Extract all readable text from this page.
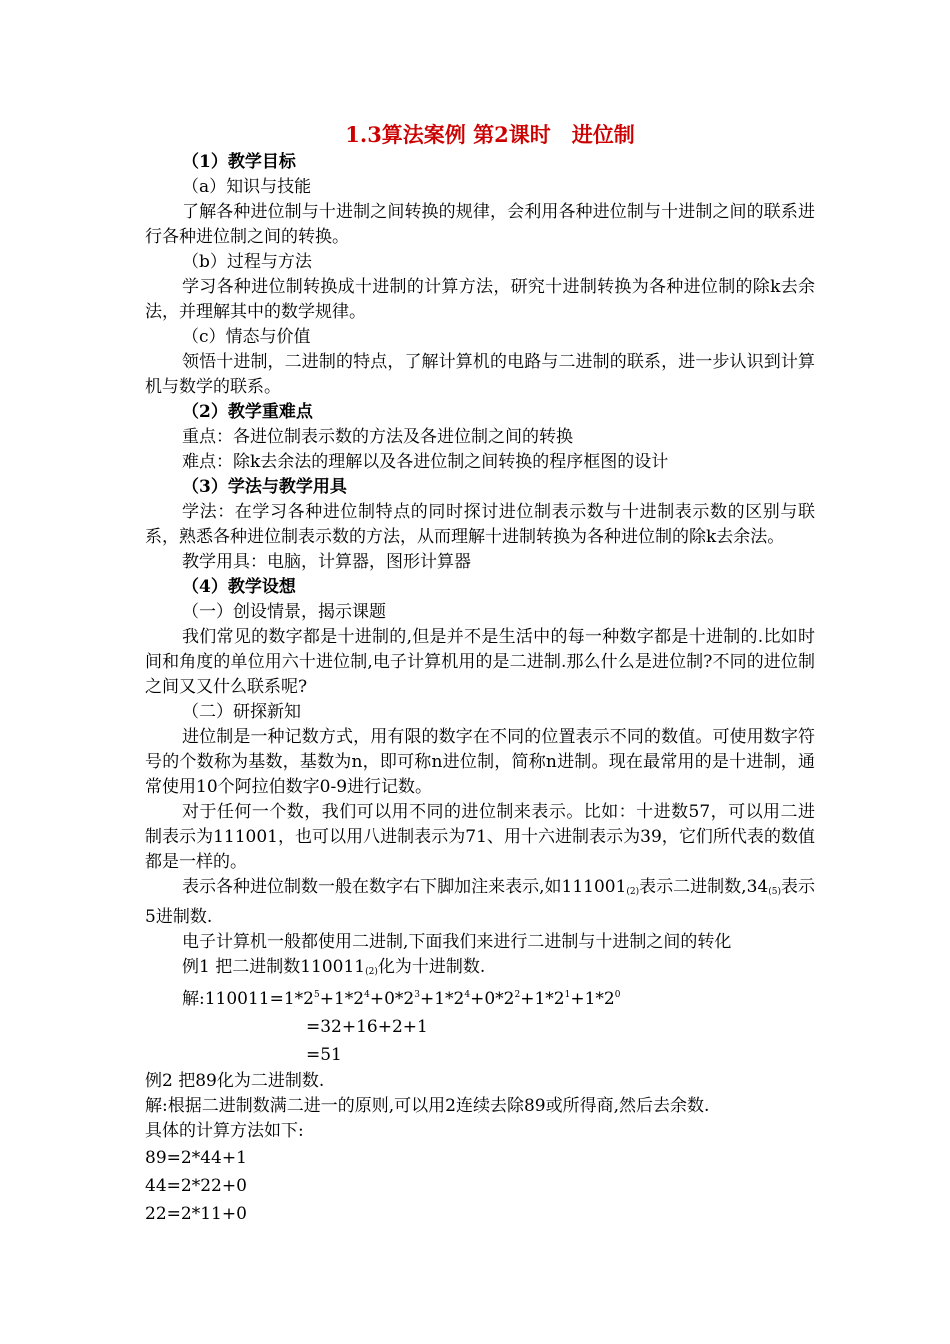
1.3算法案例 第2课时　进位制

（1）教学目标

（a）知识与技能

了解各种进位制与十进制之间转换的规律，会利用各种进位制与十进制之间的联系进行各种进位制之间的转换。

（b）过程与方法

学习各种进位制转换成十进制的计算方法，研究十进制转换为各种进位制的除k去余法，并理解其中的数学规律。

（c）情态与价值

领悟十进制，二进制的特点，了解计算机的电路与二进制的联系，进一步认识到计算机与数学的联系。

（2）教学重难点

重点：各进位制表示数的方法及各进位制之间的转换

难点：除k去余法的理解以及各进位制之间转换的程序框图的设计

（3）学法与教学用具

学法：在学习各种进位制特点的同时探讨进位制表示数与十进制表示数的区别与联系，熟悉各种进位制表示数的方法，从而理解十进制转换为各种进位制的除k去余法。

教学用具：电脑，计算器，图形计算器

（4）教学设想

（一）创设情景，揭示课题

我们常见的数字都是十进制的,但是并不是生活中的每一种数字都是十进制的.比如时间和角度的单位用六十进位制,电子计算机用的是二进制.那么什么是进位制?不同的进位制之间又又什么联系呢?

（二）研探新知

进位制是一种记数方式，用有限的数字在不同的位置表示不同的数值。可使用数字符号的个数称为基数，基数为n，即可称n进位制，简称n进制。现在最常用的是十进制，通常使用10个阿拉伯数字0-9进行记数。

对于任何一个数，我们可以用不同的进位制来表示。比如：十进数57，可以用二进制表示为111001，也可以用八进制表示为71、用十六进制表示为39，它们所代表的数值都是一样的。

表示各种进位制数一般在数字右下脚加注来表示,如$111001_{(2)}$表示二进制数$,34_{(5)}$表示5进制数.

电子计算机一般都使用二进制,下面我们来进行二进制与十进制之间的转化

例1 把二进制数$110011_{(2)}$化为十进制数.

解$:110011=1*2^5+1*2^4+0*2^3+1*2^4+0*2^2+1*2^1+1*2^0$

=32+16+2+1

=51

例2 把89化为二进制数.

解:根据二进制数满二进一的原则,可以用2连续去除89或所得商,然后去余数.

具体的计算方法如下:

89=2*44+1

44=2*22+0

22=2*11+0
